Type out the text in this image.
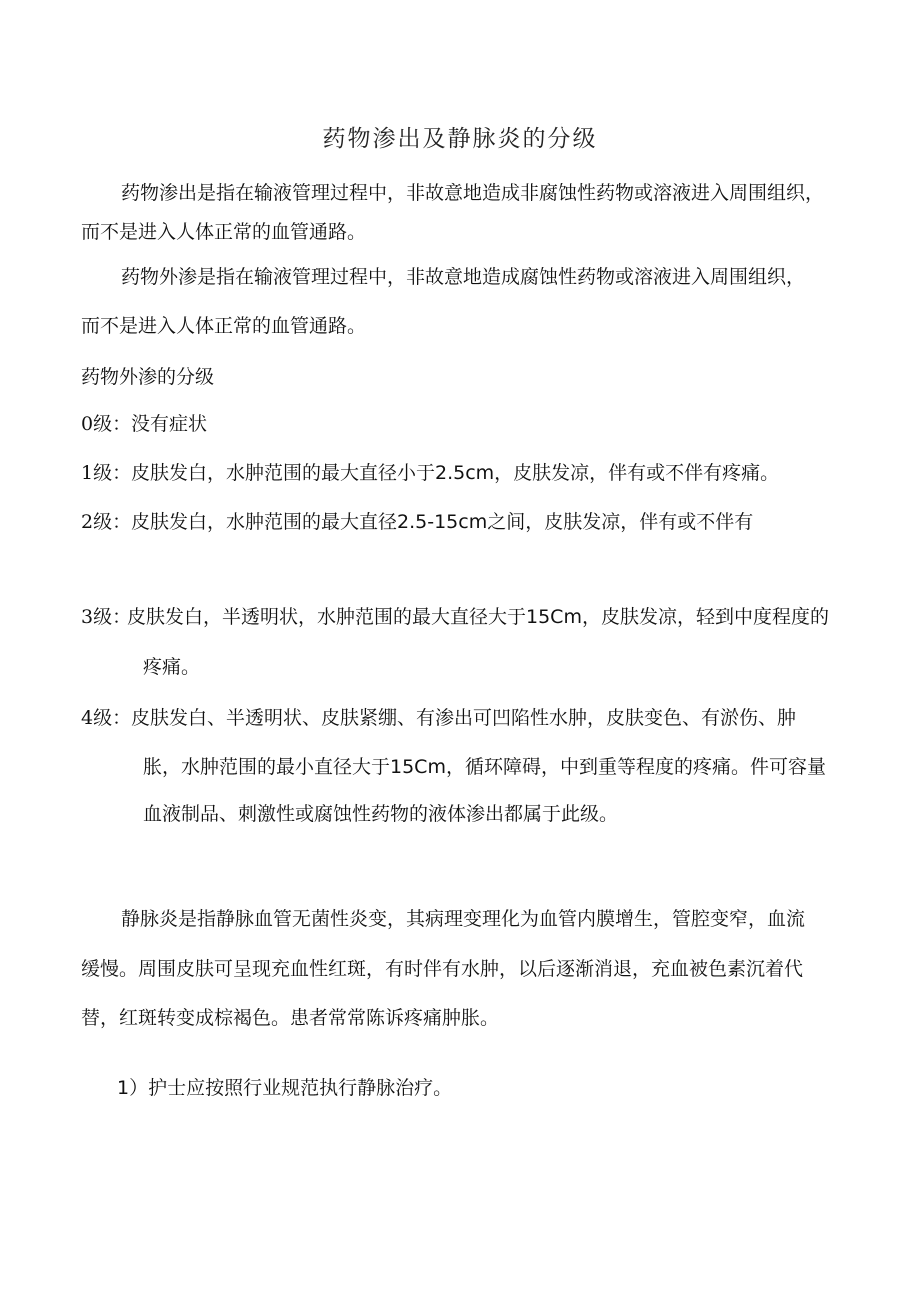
药物渗出及静脉炎的分级
药物渗出是指在输液管理过程中，非故意地造成非腐蚀性药物或溶液进入周围组织，
而不是进入人体正常的血管通路。
药物外渗是指在输液管理过程中，非故意地造成腐蚀性药物或溶液进入周围组织，
而不是进入人体正常的血管通路。
药物外渗的分级
0级： 没有症状
1级： 皮肤发白，水肿范围的最大直径小于2.5cm，皮肤发凉，伴有或不伴有疼痛。
2级： 皮肤发白，水肿范围的最大直径2.5-15cm之间，皮肤发凉，伴有或不伴有
3级：
皮肤发白，半透明状，水肿范围的最大直径大于15Cm，皮肤发凉，轻到中度程度的
疼痛。
4级： 皮肤发白、半透明状、皮肤紧绷、有渗出可凹陷性水肿，皮肤变色、有淤伤、肿
胀，水肿范围的最小直径大于15Cm，循环障碍，中到重等程度的疼痛。件可容量
血液制品、刺激性或腐蚀性药物的液体渗出都属于此级。
静脉炎是指静脉血管无菌性炎变，其病理变理化为血管内膜增生，管腔变窄，血流
缓慢。周围皮肤可呈现充血性红斑，有时伴有水肿，以后逐渐消退，充血被色素沉着代
替，红斑转变成棕褐色。患者常常陈诉疼痛肿胀。
1）护士应按照行业规范执行静脉治疗。
